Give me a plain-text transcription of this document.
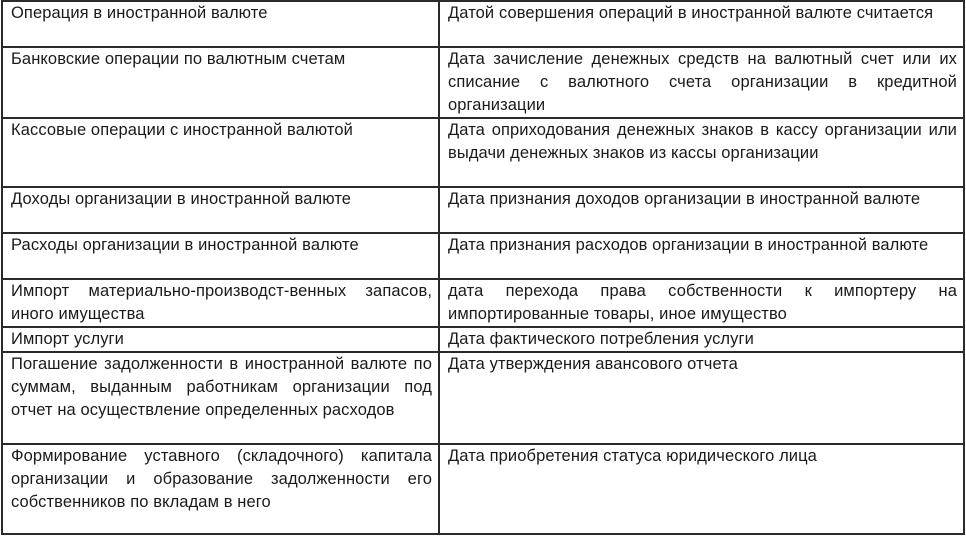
Операция в иностранной валюте	Датой совершения операций в иностранной валюте считается
Банковские операции по валютным счетам	Дата зачисление денежных средств на валютный счет или их списание с валютного счета организации в кредитной организации
Кассовые операции с иностранной валютой	Дата оприходования денежных знаков в кассу организации или выдачи денежных знаков из кассы организации
Доходы организации в иностранной валюте	Дата признания доходов организации в иностранной валюте
Расходы организации в иностранной валюте	Дата признания расходов организации в иностранной валюте
Импорт материально-производст-венных запасов, иного имущества	дата перехода права собственности к импортеру на импортированные товары, иное имущество
Импорт услуги	Дата фактического потребления услуги
Погашение задолженности в иностранной валюте по суммам, выданным работникам организации под отчет на осуществление определенных расходов	Дата утверждения авансового отчета
Формирование уставного (складочного) капитала организации и образование задолженности его собственников по вкладам в него	Дата приобретения статуса юридического лица
